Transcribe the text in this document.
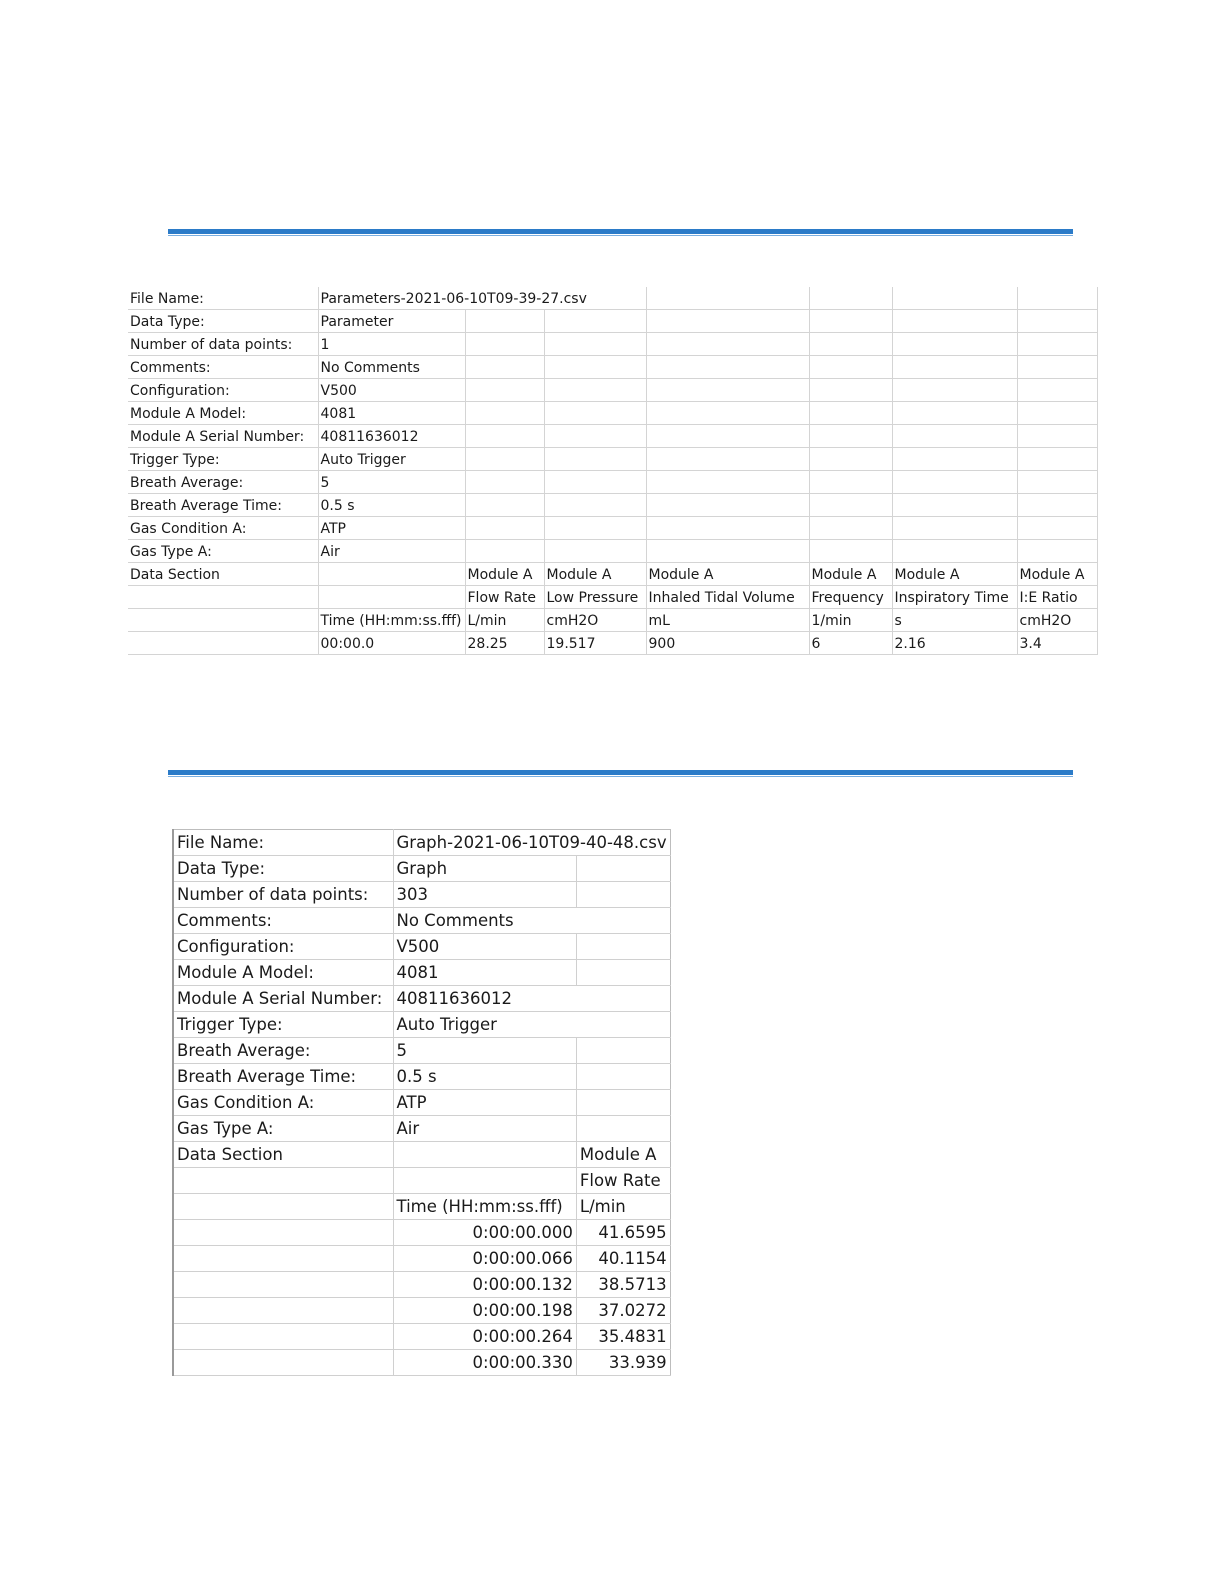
File Name:	Parameters-2021-06-10T09-39-27.csv						
Data Type:	Parameter						
Number of data points:	1						
Comments:	No Comments						
Configuration:	V500						
Module A Model:	4081						
Module A Serial Number:	40811636012						
Trigger Type:	Auto Trigger						
Breath Average:	5						
Breath Average Time:	0.5 s						
Gas Condition A:	ATP						
Gas Type A:	Air						
Data Section		Module A	Module A	Module A	Module A	Module A	Module A
		Flow Rate	Low Pressure	Inhaled Tidal Volume	Frequency	Inspiratory Time	I:E Ratio
	Time (HH:mm:ss.fff)	L/min	cmH2O	mL	1/min	s	cmH2O
	00:00.0	28.25	19.517	900	6	2.16	3.4
File Name:	Graph-2021-06-10T09-40-48.csv	
Data Type:	Graph	
Number of data points:	303	
Comments:	No Comments	
Configuration:	V500	
Module A Model:	4081	
Module A Serial Number:	40811636012	
Trigger Type:	Auto Trigger	
Breath Average:	5	
Breath Average Time:	0.5 s	
Gas Condition A:	ATP	
Gas Type A:	Air	
Data Section		Module A
		Flow Rate
	Time (HH:mm:ss.fff)	L/min
	0:00:00.000	41.6595
	0:00:00.066	40.1154
	0:00:00.132	38.5713
	0:00:00.198	37.0272
	0:00:00.264	35.4831
	0:00:00.330	33.939
